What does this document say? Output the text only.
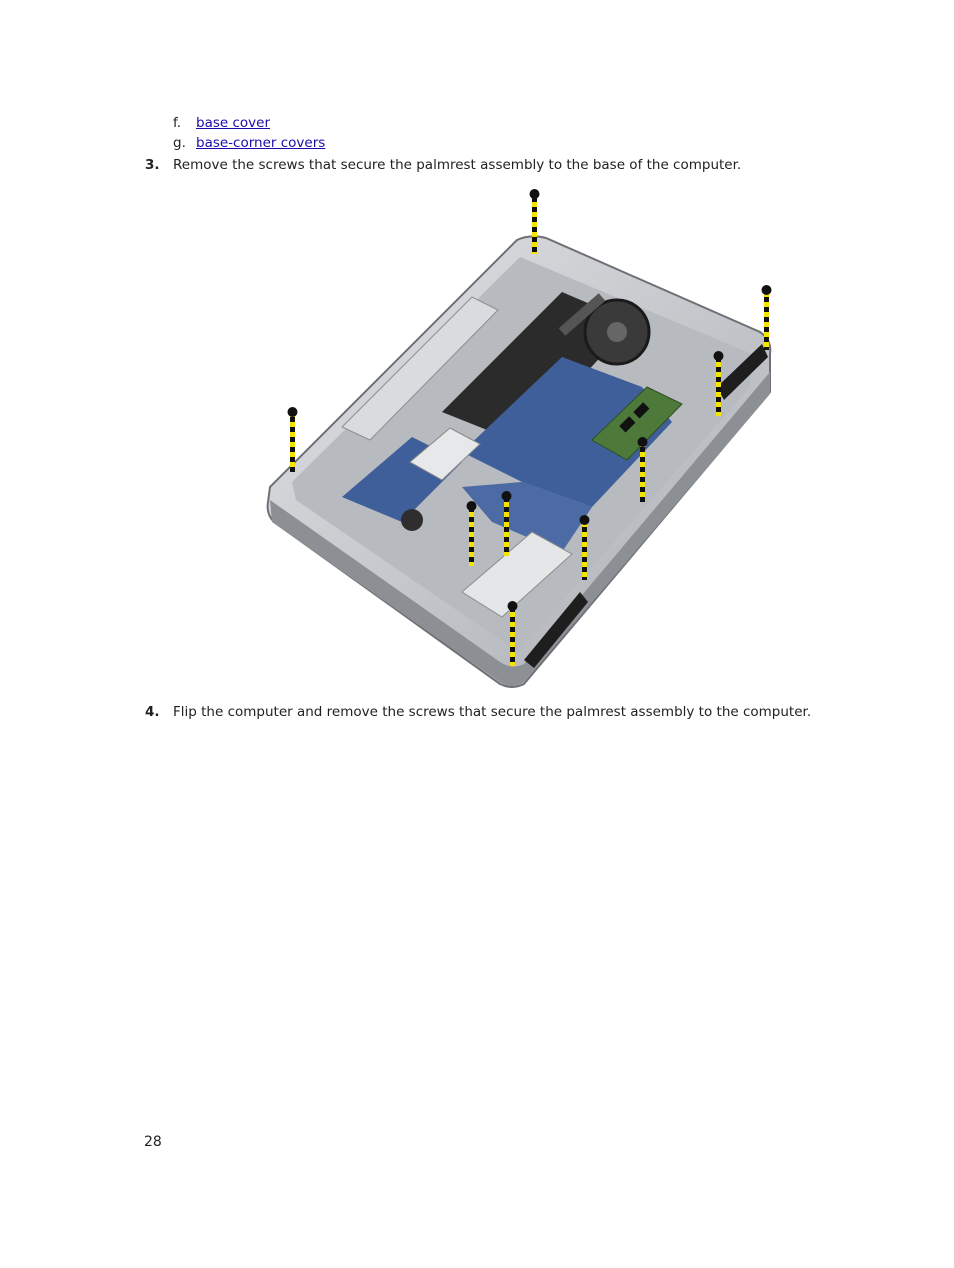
f. base cover
g. base-corner covers
3. Remove the screws that secure the palmrest assembly to the base of the computer.
4. Flip the computer and remove the screws that secure the palmrest assembly to the computer.
28
